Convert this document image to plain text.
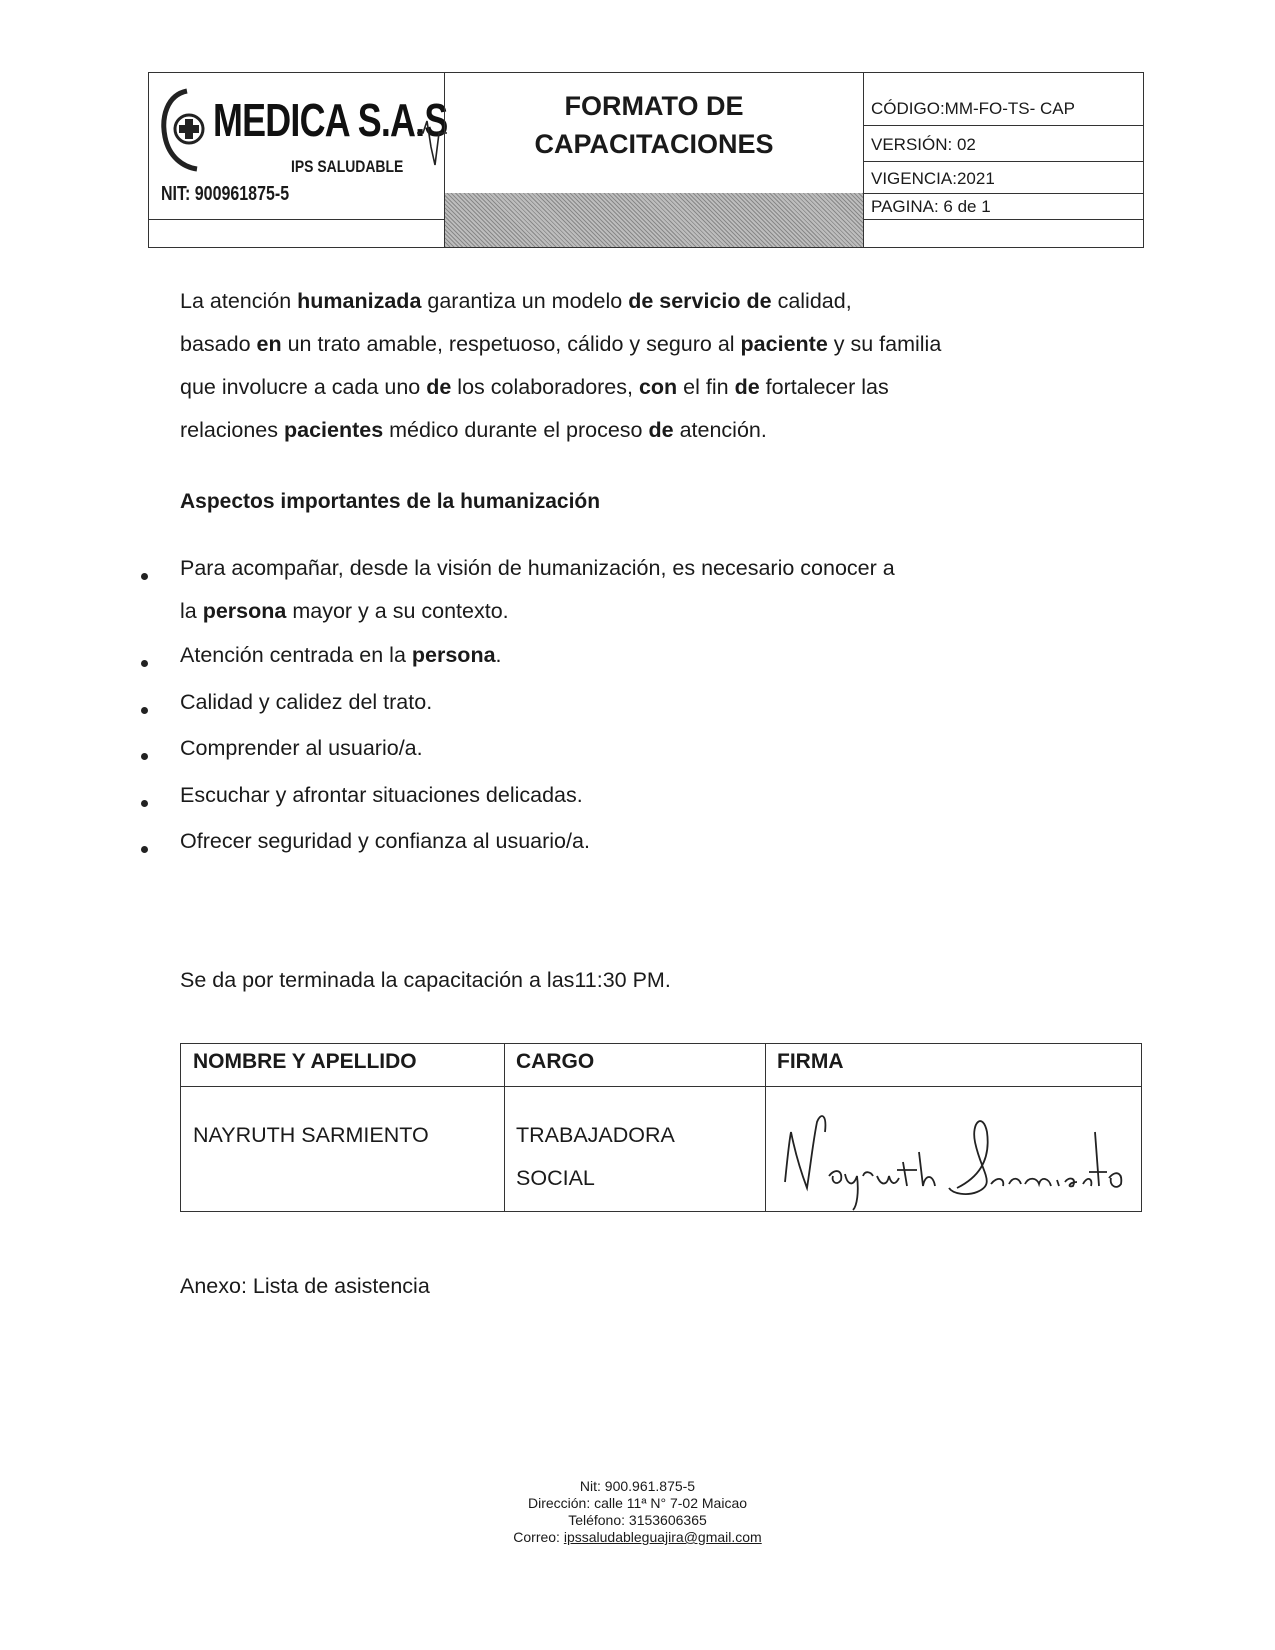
MEDICA S.A.S
IPS SALUDABLE
NIT: 900961875-5
FORMATO DE
CAPACITACIONES
CÓDIGO:MM-FO-TS- CAP
VERSIÓN: 02
VIGENCIA:2021
PAGINA: 6 de 1
La atención humanizada garantiza un modelo de servicio de calidad,
basado en un trato amable, respetuoso, cálido y seguro al paciente y su familia
que involucre a cada uno de los colaboradores, con el fin de fortalecer las
relaciones pacientes médico durante el proceso de atención.
Aspectos importantes de la humanización
Para acompañar, desde la visión de humanización, es necesario conocer a
la persona mayor y a su contexto.
Atención centrada en la persona.
Calidad y calidez del trato.
Comprender al usuario/a.
Escuchar y afrontar situaciones delicadas.
Ofrecer seguridad y confianza al usuario/a.
Se da por terminada la capacitación a las11:30 PM.
NOMBRE Y APELLIDO	CARGO	FIRMA
NAYRUTH SARMIENTO	TRABAJADORA
SOCIAL
Anexo: Lista de asistencia
Nit: 900.961.875-5
Dirección: calle 11ª N° 7-02 Maicao
Teléfono: 3153606365
Correo: ipssaludableguajira@gmail.com
